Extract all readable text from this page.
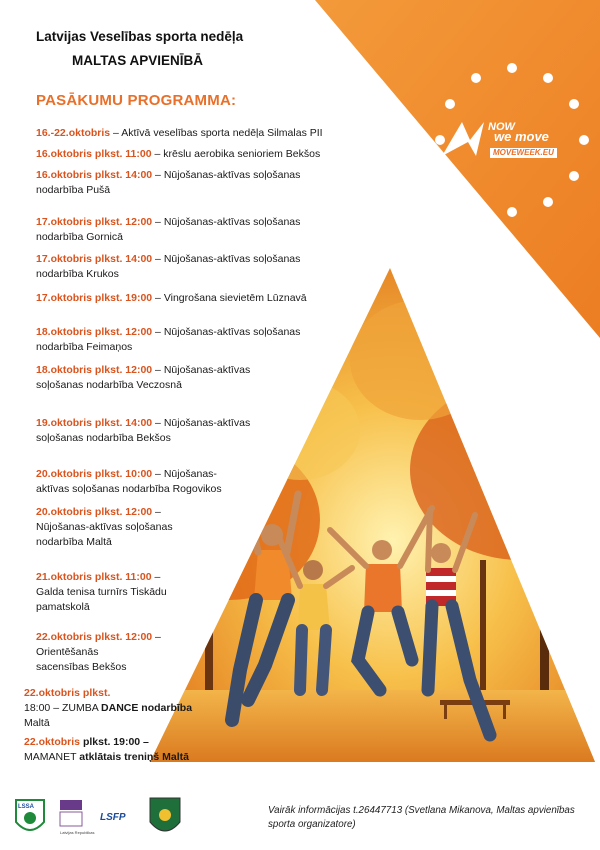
LSSA
Latvijas Republikas
Latvijas Veselības sporta nedēļa
MALTAS APVIENĪBĀ
PASĀKUMU PROGRAMMA:
16.-22.oktobris – Aktīvā veselības sporta nedēļa Silmalas PII
16.oktobris plkst. 11:00 – krēslu aerobika senioriem Bekšos
16.oktobris plkst. 14:00 – Nūjošanas-aktīvas soļošanas
nodarbība Pušā
17.oktobris plkst. 12:00 – Nūjošanas-aktīvas soļošanas
nodarbība Gornicā
17.oktobris plkst. 14:00 – Nūjošanas-aktīvas soļošanas
nodarbība Krukos
17.oktobris plkst. 19:00 – Vingrošana sievietēm Lūznavā
18.oktobris plkst. 12:00 – Nūjošanas-aktīvas soļošanas
nodarbība Feimaņos
18.oktobris plkst. 12:00 – Nūjošanas-aktīvas
soļošanas nodarbība Veczosnā
19.oktobris plkst. 14:00 – Nūjošanas-aktīvas
soļošanas nodarbība Bekšos
20.oktobris plkst. 10:00 – Nūjošanas-
aktīvas soļošanas nodarbība Rogovikos
20.oktobris plkst. 12:00 –
Nūjošanas-aktīvas soļošanas
nodarbība Maltā
21.oktobris plkst. 11:00 –
Galda tenisa turnīrs Tiskādu
pamatskolā
22.oktobris plkst. 12:00 –
Orientēšanās
sacensības Bekšos
22.oktobris plkst.
18:00 – ZUMBA DANCE nodarbība
Maltā
22.oktobris plkst. 19:00 –
MAMANET atklātais treniņš Maltā
16.10.2023.-
22.10.2023.
NOW
we move
MOVEWEEK.EU
LSFP
Vairāk informācijas t.26447713 (Svetlana Mikanova, Maltas apvienības sporta organizatore)
